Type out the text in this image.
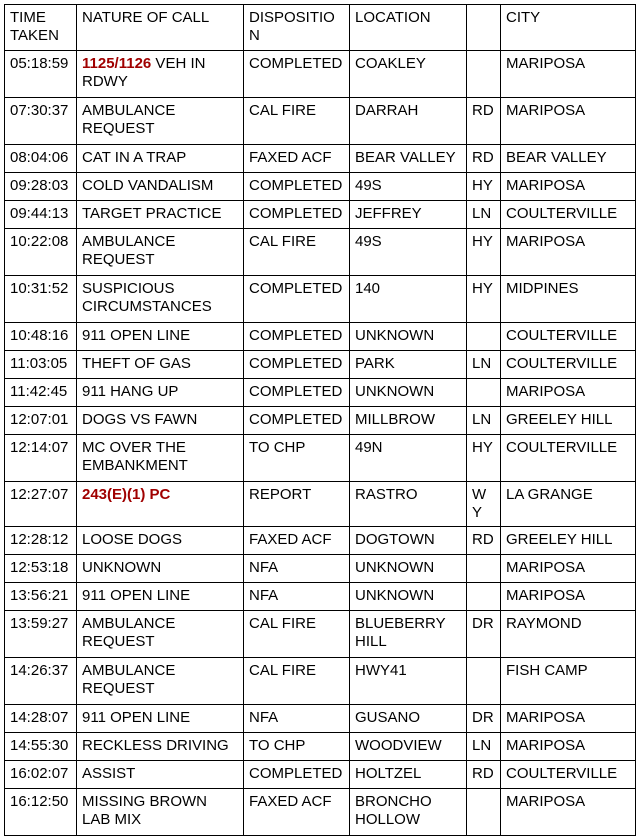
TIME TAKEN	NATURE OF CALL	DISPOSITION	LOCATION		CITY
05:18:59	1125/1126 VEH IN RDWY	COMPLETED	COAKLEY		MARIPOSA
07:30:37	AMBULANCE REQUEST	CAL FIRE	DARRAH	RD	MARIPOSA
08:04:06	CAT IN A TRAP	FAXED ACF	BEAR VALLEY	RD	BEAR VALLEY
09:28:03	COLD VANDALISM	COMPLETED	49S	HY	MARIPOSA
09:44:13	TARGET PRACTICE	COMPLETED	JEFFREY	LN	COULTERVILLE
10:22:08	AMBULANCE REQUEST	CAL FIRE	49S	HY	MARIPOSA
10:31:52	SUSPICIOUS CIRCUMSTANCES	COMPLETED	140	HY	MIDPINES
10:48:16	911 OPEN LINE	COMPLETED	UNKNOWN		COULTERVILLE
11:03:05	THEFT OF GAS	COMPLETED	PARK	LN	COULTERVILLE
11:42:45	911 HANG UP	COMPLETED	UNKNOWN		MARIPOSA
12:07:01	DOGS VS FAWN	COMPLETED	MILLBROW	LN	GREELEY HILL
12:14:07	MC OVER THE EMBANKMENT	TO CHP	49N	HY	COULTERVILLE
12:27:07	243(E)(1) PC	REPORT	RASTRO	WY	LA GRANGE
12:28:12	LOOSE DOGS	FAXED ACF	DOGTOWN	RD	GREELEY HILL
12:53:18	UNKNOWN	NFA	UNKNOWN		MARIPOSA
13:56:21	911 OPEN LINE	NFA	UNKNOWN		MARIPOSA
13:59:27	AMBULANCE REQUEST	CAL FIRE	BLUEBERRY HILL	DR	RAYMOND
14:26:37	AMBULANCE REQUEST	CAL FIRE	HWY41		FISH CAMP
14:28:07	911 OPEN LINE	NFA	GUSANO	DR	MARIPOSA
14:55:30	RECKLESS DRIVING	TO CHP	WOODVIEW	LN	MARIPOSA
16:02:07	ASSIST	COMPLETED	HOLTZEL	RD	COULTERVILLE
16:12:50	MISSING BROWN LAB MIX	FAXED ACF	BRONCHO HOLLOW		MARIPOSA
